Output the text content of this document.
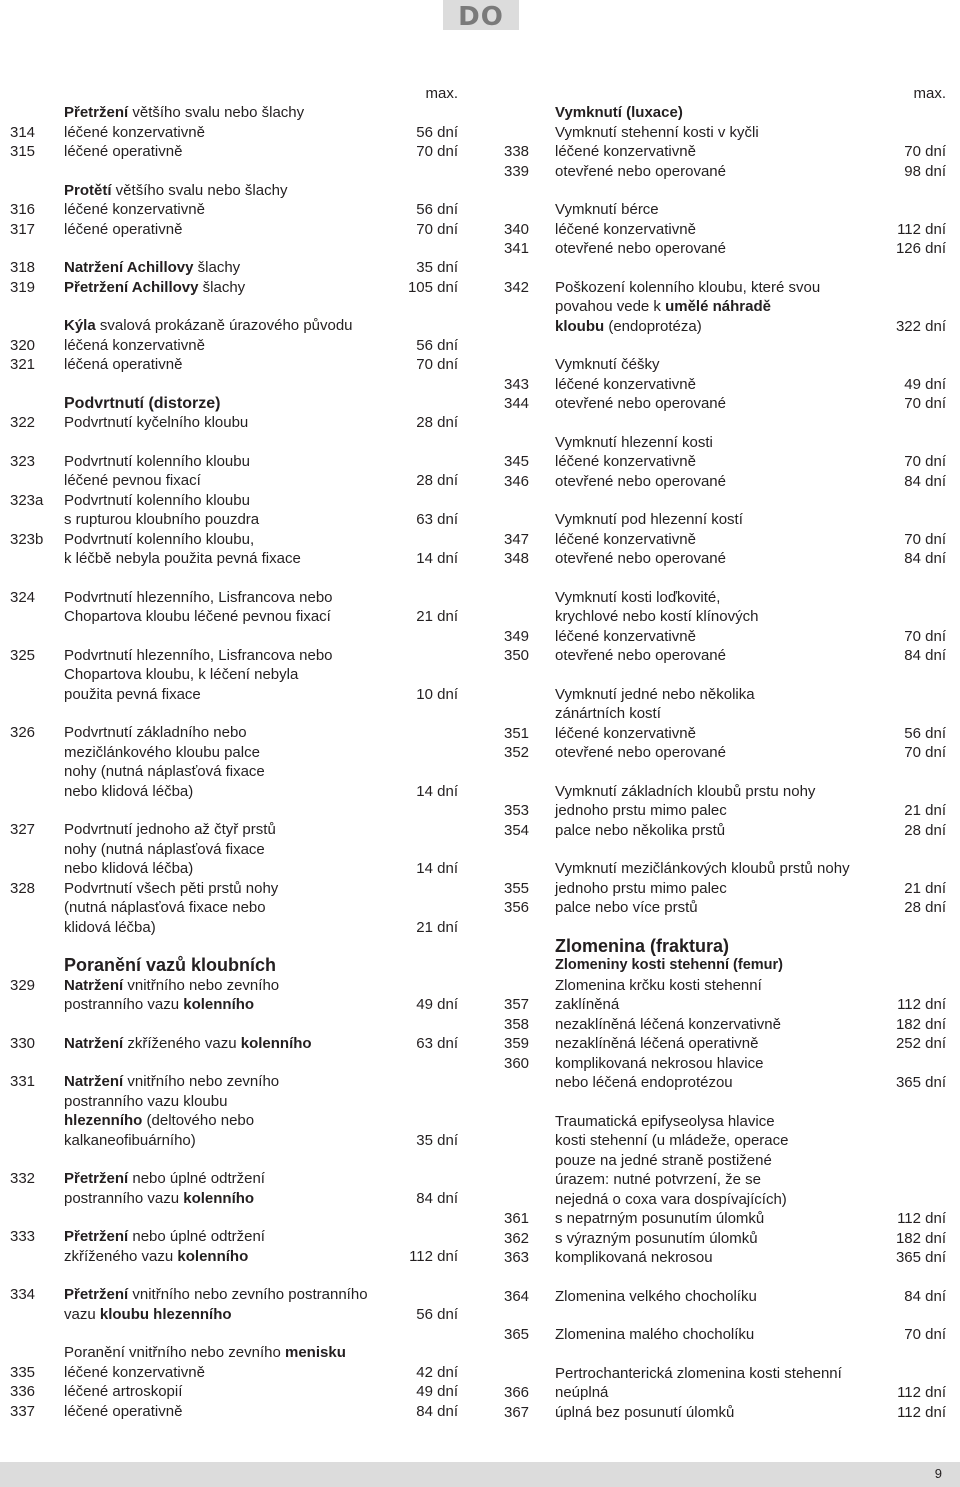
DO
max.
Přetržení většího svalu nebo šlachy
314	léčené konzervativně	56 dní
315	léčené operativně	70 dní
Protětí většího svalu nebo šlachy
316	léčené konzervativně	56 dní
317	léčené operativně	70 dní
318	Natržení Achillovy šlachy	35 dní
319	Přetržení Achillovy šlachy	105 dní
Kýla svalová prokázaně úrazového původu
320	léčená konzervativně	56 dní
321	léčená operativně	70 dní
Podvrtnutí (distorze)
322	Podvrtnutí kyčelního kloubu	28 dní
323	Podvrtnutí kolenního kloubu
léčené pevnou fixací	28 dní
323a	Podvrtnutí kolenního kloubu
s rupturou kloubního pouzdra	63 dní
323b	Podvrtnutí kolenního kloubu,
k léčbě nebyla použita pevná fixace	14 dní
324	Podvrtnutí hlezenního, Lisfrancova nebo
Chopartova kloubu léčené pevnou fixací	21 dní
325	Podvrtnutí hlezenního, Lisfrancova nebo
Chopartova kloubu, k léčení nebyla
použita pevná fixace	10 dní
326	Podvrtnutí základního nebo
mezičlánkového kloubu palce
nohy (nutná náplasťová fixace
nebo klidová léčba)	14 dní
327	Podvrtnutí jednoho až čtyř prstů
nohy (nutná náplasťová fixace
nebo klidová léčba)	14 dní
328	Podvrtnutí všech pěti prstů nohy
(nutná náplasťová fixace nebo
klidová léčba)	21 dní
Poranění vazů kloubních
329	Natržení vnitřního nebo zevního
postranního vazu kolenního	49 dní
330	Natržení zkříženého vazu kolenního	63 dní
331	Natržení vnitřního nebo zevního
postranního vazu kloubu
hlezenního (deltového nebo
kalkaneofibuárního)	35 dní
332	Přetržení nebo úplné odtržení
postranního vazu kolenního	84 dní
333	Přetržení nebo úplné odtržení
zkříženého vazu kolenního	112 dní
334	Přetržení vnitřního nebo zevního postranního
vazu kloubu hlezenního	56 dní
Poranění vnitřního nebo zevního menisku
335	léčené konzervativně	42 dní
336	léčené artroskopií	49 dní
337	léčené operativně	84 dní
max.
Vymknutí (luxace)
Vymknutí stehenní kosti v kyčli
338	léčené konzervativně	70 dní
339	otevřené nebo operované	98 dní
Vymknutí bérce
340	léčené konzervativně	112 dní
341	otevřené nebo operované	126 dní
342	Poškození kolenního kloubu, které svou
povahou vede k umělé náhradě
kloubu (endoprotéza)	322 dní
Vymknutí čéšky
343	léčené konzervativně	49 dní
344	otevřené nebo operované	70 dní
Vymknutí hlezenní kosti
345	léčené konzervativně	70 dní
346	otevřené nebo operované	84 dní
Vymknutí pod hlezenní kostí
347	léčené konzervativně	70 dní
348	otevřené nebo operované	84 dní
Vymknutí kosti loďkovité,
krychlové nebo kostí klínových
349	léčené konzervativně	70 dní
350	otevřené nebo operované	84 dní
Vymknutí jedné nebo několika
zánártních kostí
351	léčené konzervativně	56 dní
352	otevřené nebo operované	70 dní
Vymknutí základních kloubů prstu nohy
353	jednoho prstu mimo palec	21 dní
354	palce nebo několika prstů	28 dní
Vymknutí mezičlánkových kloubů prstů nohy
355	jednoho prstu mimo palec	21 dní
356	palce nebo více prstů	28 dní
Zlomenina (fraktura)
Zlomeniny kosti stehenní (femur)
Zlomenina krčku kosti stehenní
357	zaklíněná	112 dní
358	nezaklíněná léčená konzervativně	182 dní
359	nezaklíněná léčená operativně	252 dní
360	komplikovaná nekrosou hlavice
nebo léčená endoprotézou	365 dní
Traumatická epifyseolysa hlavice
kosti stehenní (u mládeže, operace
pouze na jedné straně postižené
úrazem: nutné potvrzení, že se
nejedná o coxa vara dospívajících)
361	s nepatrným posunutím úlomků	112 dní
362	s výrazným posunutím úlomků	182 dní
363	komplikovaná nekrosou	365 dní
364	Zlomenina velkého chocholíku	84 dní
365	Zlomenina malého chocholíku	70 dní
Pertrochanterická zlomenina kosti stehenní
366	neúplná	112 dní
367	úplná bez posunutí úlomků	112 dní
9
